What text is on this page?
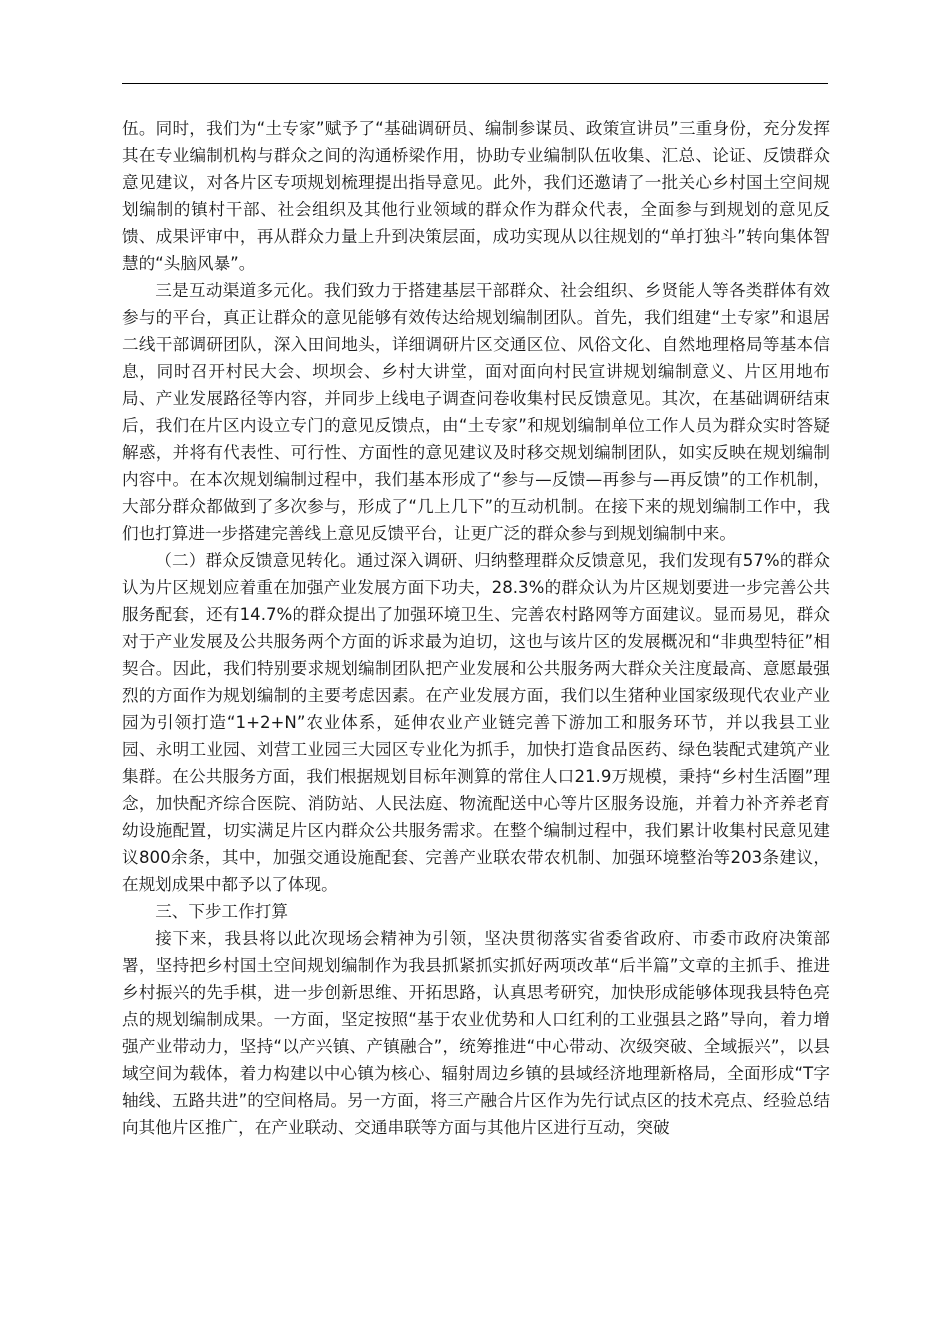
伍。同时，我们为“土专家”赋予了“基础调研员、编制参谋员、政策宣讲员”三重身份，充分发挥其在专业编制机构与群众之间的沟通桥梁作用，协助专业编制队伍收集、汇总、论证、反馈群众意见建议，对各片区专项规划梳理提出指导意见。此外，我们还邀请了一批关心乡村国土空间规划编制的镇村干部、社会组织及其他行业领域的群众作为群众代表，全面参与到规划的意见反馈、成果评审中，再从群众力量上升到决策层面，成功实现从以往规划的“单打独斗”转向集体智慧的“头脑风暴”。

三是互动渠道多元化。我们致力于搭建基层干部群众、社会组织、乡贤能人等各类群体有效参与的平台，真正让群众的意见能够有效传达给规划编制团队。首先，我们组建“土专家”和退居二线干部调研团队，深入田间地头，详细调研片区交通区位、风俗文化、自然地理格局等基本信息，同时召开村民大会、坝坝会、乡村大讲堂，面对面向村民宣讲规划编制意义、片区用地布局、产业发展路径等内容，并同步上线电子调查问卷收集村民反馈意见。其次，在基础调研结束后，我们在片区内设立专门的意见反馈点，由“土专家”和规划编制单位工作人员为群众实时答疑解惑，并将有代表性、可行性、方面性的意见建议及时移交规划编制团队，如实反映在规划编制内容中。在本次规划编制过程中，我们基本形成了“参与—反馈—再参与—再反馈”的工作机制，大部分群众都做到了多次参与，形成了“几上几下”的互动机制。在接下来的规划编制工作中，我们也打算进一步搭建完善线上意见反馈平台，让更广泛的群众参与到规划编制中来。

（二）群众反馈意见转化。通过深入调研、归纳整理群众反馈意见，我们发现有57%的群众认为片区规划应着重在加强产业发展方面下功夫，28.3%的群众认为片区规划要进一步完善公共服务配套，还有14.7%的群众提出了加强环境卫生、完善农村路网等方面建议。显而易见，群众对于产业发展及公共服务两个方面的诉求最为迫切，这也与该片区的发展概况和“非典型特征”相契合。因此，我们特别要求规划编制团队把产业发展和公共服务两大群众关注度最高、意愿最强烈的方面作为规划编制的主要考虑因素。在产业发展方面，我们以生猪种业国家级现代农业产业园为引领打造“1+2+N”农业体系，延伸农业产业链完善下游加工和服务环节，并以我县工业园、永明工业园、刘营工业园三大园区专业化为抓手，加快打造食品医药、绿色装配式建筑产业集群。在公共服务方面，我们根据规划目标年测算的常住人口21.9万规模，秉持“乡村生活圈”理念，加快配齐综合医院、消防站、人民法庭、物流配送中心等片区服务设施，并着力补齐养老育幼设施配置，切实满足片区内群众公共服务需求。在整个编制过程中，我们累计收集村民意见建议800余条，其中，加强交通设施配套、完善产业联农带农机制、加强环境整治等203条建议，在规划成果中都予以了体现。

三、下步工作打算

接下来，我县将以此次现场会精神为引领，坚决贯彻落实省委省政府、市委市政府决策部署，坚持把乡村国土空间规划编制作为我县抓紧抓实抓好两项改革“后半篇”文章的主抓手、推进乡村振兴的先手棋，进一步创新思维、开拓思路，认真思考研究，加快形成能够体现我县特色亮点的规划编制成果。一方面，坚定按照“基于农业优势和人口红利的工业强县之路”导向，着力增强产业带动力，坚持“以产兴镇、产镇融合”，统筹推进“中心带动、次级突破、全域振兴”，以县域空间为载体，着力构建以中心镇为核心、辐射周边乡镇的县域经济地理新格局，全面形成“T字轴线、五路共进”的空间格局。另一方面，将三产融合片区作为先行试点区的技术亮点、经验总结向其他片区推广，在产业联动、交通串联等方面与其他片区进行互动，突破
